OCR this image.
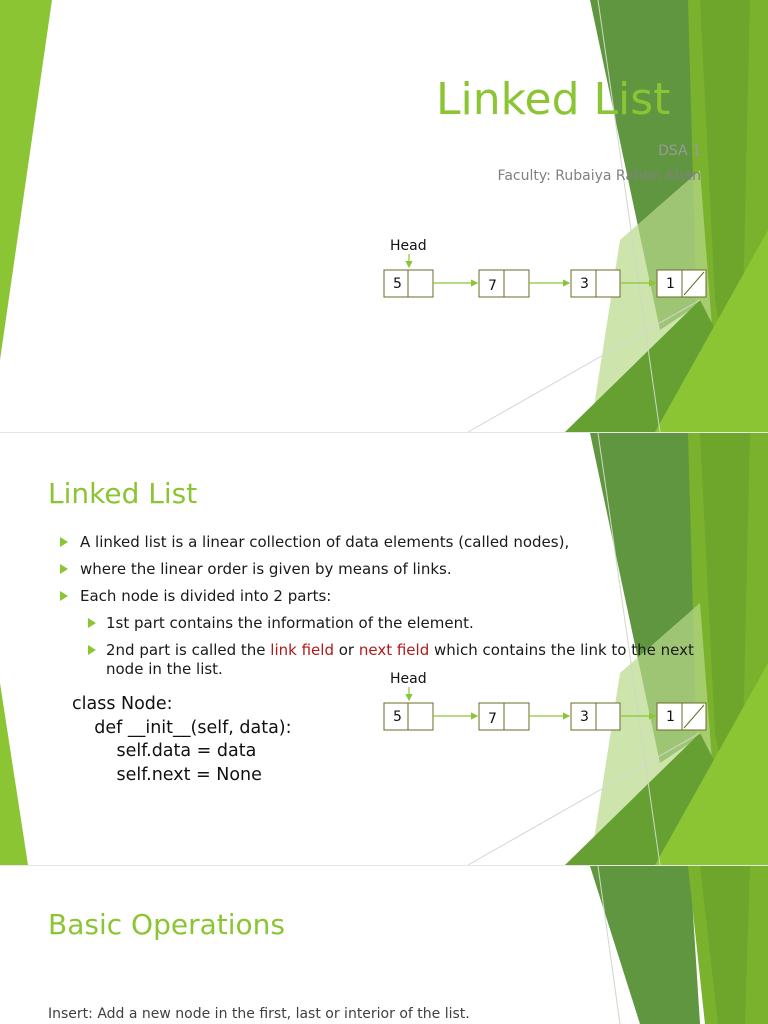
Linked List
DSA 1
Faculty: Rubaiya Rahtin Khan
Head
5	7	3	1
Linked List
A linked list is a linear collection of data elements (called nodes),
where the linear order is given by means of links.
Each node is divided into 2 parts:
1st part contains the information of the element.
2nd part is called the link field or next field which contains the link to the next node in the list.
class Node:
def __init__(self, data):
self.data = data
self.next = None
Head
5	7	3	1
Basic Operations
Insert: Add a new node in the first, last or interior of the list.
